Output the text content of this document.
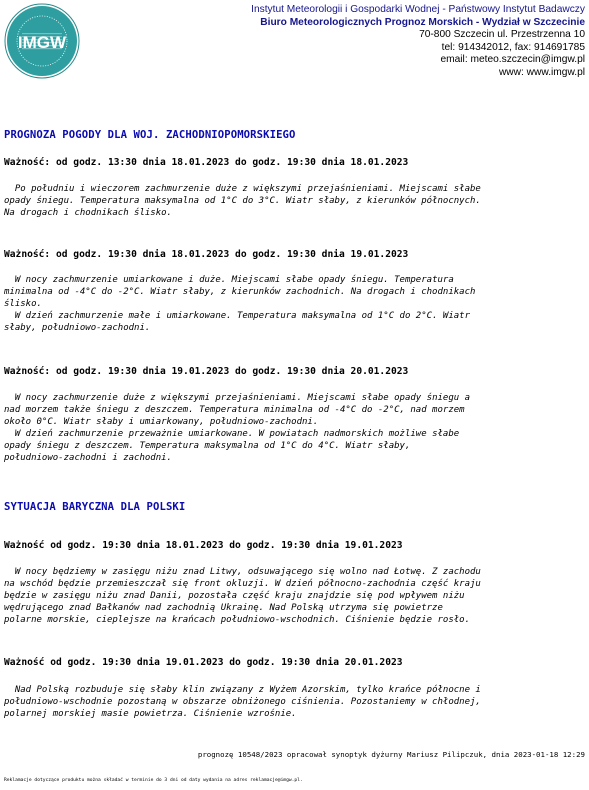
IMGW
Instytut Meteorologii i Gospodarki Wodnej - Państwowy Instytut Badawczy
Biuro Meteorologicznych Prognoz Morskich - Wydział w Szczecinie
70-800 Szczecin ul. Przestrzenna 10
tel: 914342012, fax: 914691785
email: meteo.szczecin@imgw.pl
www: www.imgw.pl
PROGNOZA POGODY DLA WOJ. ZACHODNIOPOMORSKIEGO
Ważność: od godz. 13:30 dnia 18.01.2023 do godz. 19:30 dnia 18.01.2023
Po południu i wieczorem zachmurzenie duże z większymi przejaśnieniami. Miejscami słabe
opady śniegu. Temperatura maksymalna od 1°C do 3°C. Wiatr słaby, z kierunków północnych.
Na drogach i chodnikach ślisko.
Ważność: od godz. 19:30 dnia 18.01.2023 do godz. 19:30 dnia 19.01.2023
W nocy zachmurzenie umiarkowane i duże. Miejscami słabe opady śniegu. Temperatura
minimalna od -4°C do -2°C. Wiatr słaby, z kierunków zachodnich. Na drogach i chodnikach
ślisko.
W dzień zachmurzenie małe i umiarkowane. Temperatura maksymalna od 1°C do 2°C. Wiatr
słaby, południowo-zachodni.
Ważność: od godz. 19:30 dnia 19.01.2023 do godz. 19:30 dnia 20.01.2023
W nocy zachmurzenie duże z większymi przejaśnieniami. Miejscami słabe opady śniegu a
nad morzem także śniegu z deszczem. Temperatura minimalna od -4°C do -2°C, nad morzem
około 0°C. Wiatr słaby i umiarkowany, południowo-zachodni.
W dzień zachmurzenie przeważnie umiarkowane. W powiatach nadmorskich możliwe słabe
opady śniegu z deszczem. Temperatura maksymalna od 1°C do 4°C. Wiatr słaby,
południowo-zachodni i zachodni.
SYTUACJA BARYCZNA DLA POLSKI
Ważność od godz. 19:30 dnia 18.01.2023 do godz. 19:30 dnia 19.01.2023
W nocy będziemy w zasięgu niżu znad Litwy, odsuwającego się wolno nad Łotwę. Z zachodu
na wschód będzie przemieszczał się front okluzji. W dzień północno-zachodnia część kraju
będzie w zasięgu niżu znad Danii, pozostała część kraju znajdzie się pod wpływem niżu
wędrującego znad Bałkanów nad zachodnią Ukrainę. Nad Polską utrzyma się powietrze
polarne morskie, cieplejsze na krańcach południowo-wschodnich. Ciśnienie będzie rosło.
Ważność od godz. 19:30 dnia 19.01.2023 do godz. 19:30 dnia 20.01.2023
Nad Polską rozbuduje się słaby klin związany z Wyżem Azorskim, tylko krańce północne i
południowo-wschodnie pozostaną w obszarze obniżonego ciśnienia. Pozostaniemy w chłodnej,
polarnej morskiej masie powietrza. Ciśnienie wzrośnie.
prognozę 10548/2023 opracował synoptyk dyżurny Mariusz Pilipczuk, dnia 2023-01-18 12:29
Reklamacje dotyczące produktu można składać w terminie do 3 dni od daty wydania na adres reklamacje@imgw.pl.
